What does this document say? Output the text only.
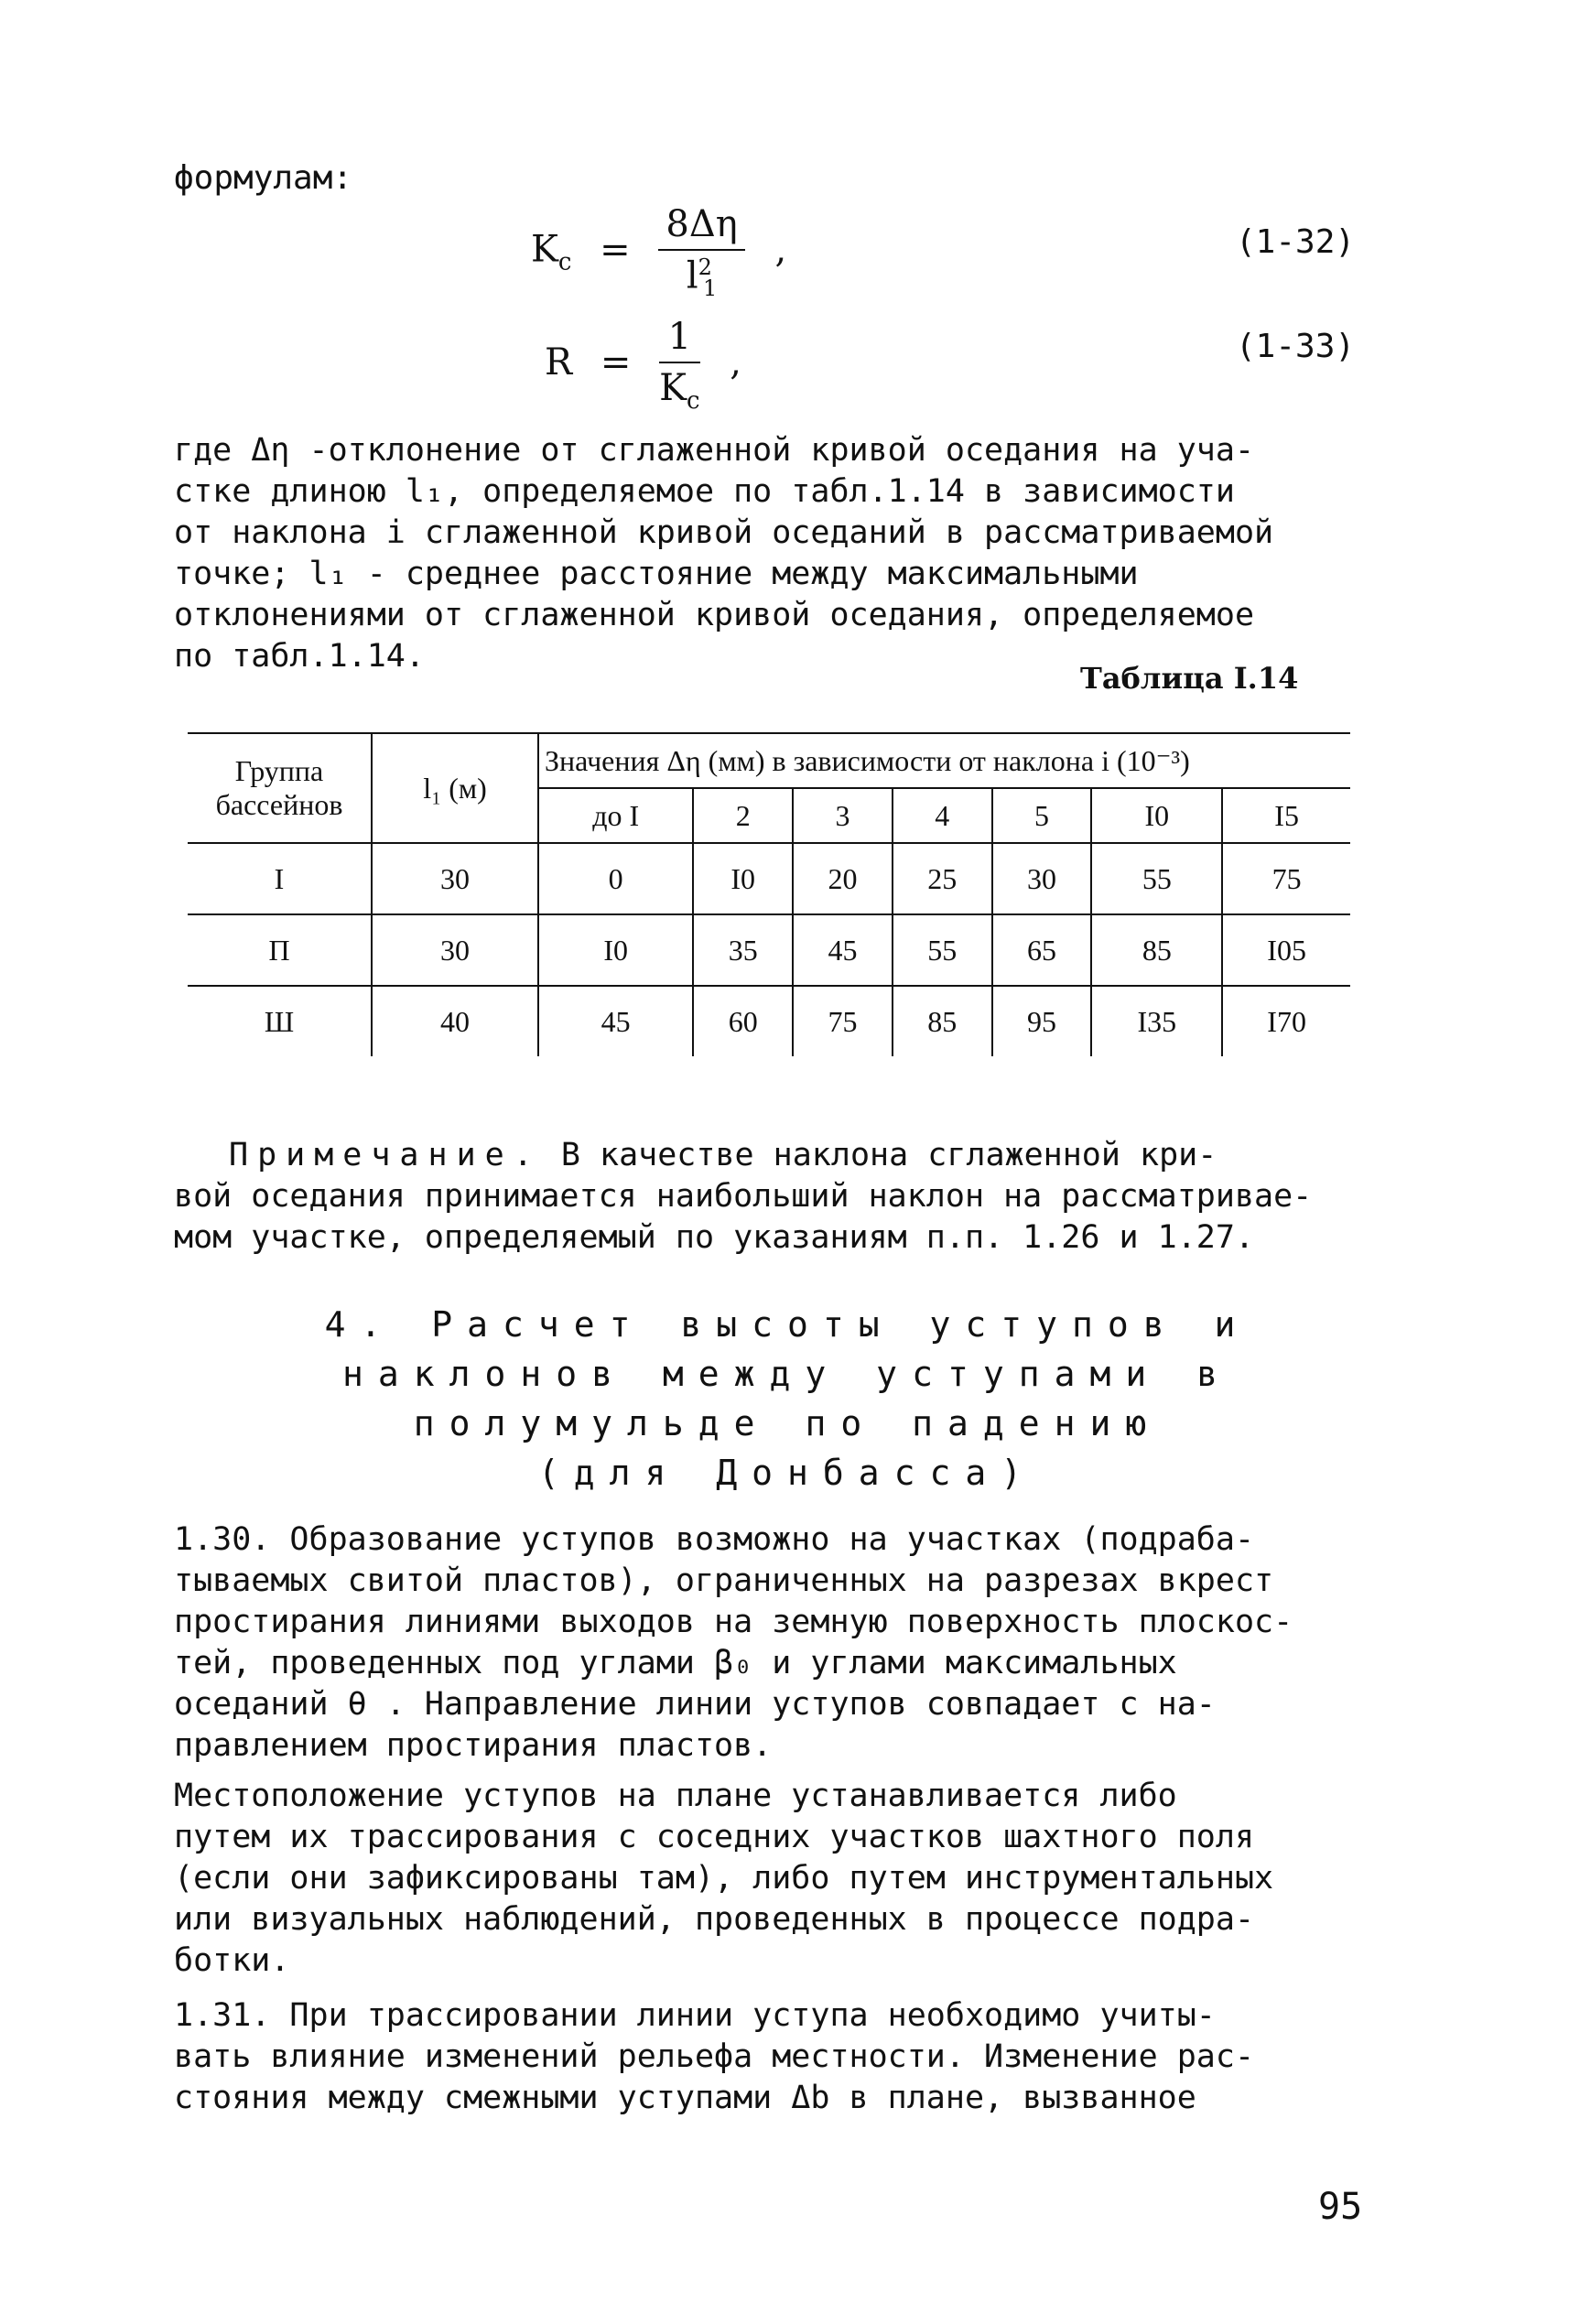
формулам:
$K_c = \frac{8\Delta\eta}{l^2_1}$ ,	(1-32)
$R = \frac{1}{K_c}$ ,	(1-33)

где Δη -отклонение от сглаженной кривой оседания на уча-

стке длиною l₁, определяемое по табл.1.14 в зависимости

от наклона i сглаженной кривой оседаний в рассматриваемой

точке; l₁ - среднее расстояние между максимальными

отклонениями от сглаженной кривой оседания, определяемое

по табл.1.14.

Таблица I.14
Группа бассейнов	l₁ (м)	Значения Δη (мм) в зависимости от наклона i (10⁻³)						
		до I	2	3	4	5	I0	I5
I	30	0	I0	20	25	30	55	75
П	30	I0	35	45	55	65	85	I05
Ш	40	45	60	75	85	95	I35	I70

Примечание. В качестве наклона сглаженной кри-

вой оседания принимается наибольший наклон на рассматривае-

мом участке, определяемый по указаниям п.п. 1.26 и 1.27.

4. Расчет высоты уступов и
наклонов между уступами в
полумульде по падению
(для Донбасса)

1.30. Образование уступов возможно на участках (подраба-

тываемых свитой пластов), ограниченных на разрезах вкрест

простирания линиями выходов на земную поверхность плоскос-

тей, проведенных под углами β₀ и углами максимальных

оседаний θ . Направление линии уступов совпадает с на-

правлением простирания пластов.

Местоположение уступов на плане устанавливается либо

путем их трассирования с соседних участков шахтного поля

(если они зафиксированы там), либо путем инструментальных

или визуальных наблюдений, проведенных в процессе подра-

ботки.

1.31. При трассировании линии уступа необходимо учиты-

вать влияние изменений рельефа местности. Изменение рас-

стояния между смежными уступами Δb в плане, вызванное

95
